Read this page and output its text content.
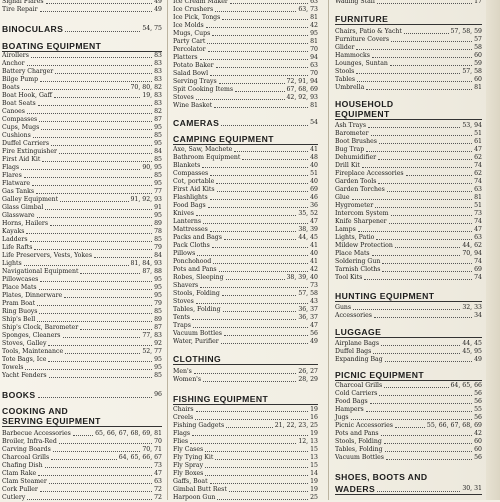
Signal Flares	49
Tire Repair	49
BINOCULARS	54, 75
BOATING EQUIPMENT
Airollers	83
Anchor	83
Battery Charger	83
Bilge Pump	83
Boats	70, 80, 82
Boat Hook, Gaff	19, 83
Boat Seats	83
Canoes	82
Compasses	87
Cups, Mugs	95
Cushions	85
Duffel Carriers	95
Fire Extinguisher	84
First Aid Kit	85
Flags	90, 95
Flares	85
Flatware	95
Gas Tanks	77
Galley Equipment	91, 92, 93
Glass Gimbal	91
Glassware	95
Horns, Hailers	89
Kayaks	78
Ladders	85
Life Rafts	79
Life Preservers, Vests, Yokes	84
Lights	81, 84, 93
Navigational Equipment	87, 88
Pillowcases	95
Place Mats	95
Plates, Dinnerware	95
Pram Boat	79
Ring Buoys	85
Ship's Bell	89
Ship's Clock, Barometer	87
Sponges, Cleaners	77, 83
Stoves, Galley	92
Tools, Maintenance	52, 77
Tote Bags, Ice	95
Towels	95
Yacht Fenders	85
BOOKS	96
COOKING AND
SERVING EQUIPMENT
Barbecue Accessories	65, 66, 67, 68, 69, 81
Broiler, Infra-Red	70
Carving Boards	70, 71
Charcoal Grills	64, 65, 66, 67
Chafing Dish	73
Clam Rake	47
Clam Steamer	63
Cork Puller	72
Cutlery	72
Ice Cream Maker	63
Ice Crushers	63, 73
Ice Pick, Tongs	81
Ice Molds	42
Mugs, Cups	95
Party Cart	81
Percolator	70
Platters	94
Potato Baker	63
Salad Bowl	70
Serving Trays	72, 91, 94
Spit Cooking Items	67, 68, 69
Stoves	42, 92, 93
Wine Basket	81
CAMERAS	54
CAMPING EQUIPMENT
Axe, Saw, Machete	41
Bathroom Equipment	48
Blankets	40
Compasses	51
Cot, portable	40
First Aid Kits	69
Flashlights	46
Food Bags	36
Knives	35, 52
Lanterns	47
Mattresses	38, 39
Packs and Bags	44, 45
Pack Cloths	41
Pillows	40
Ponchohood	41
Pots and Pans	42
Robes, Sleeping	38, 39, 40
Shavers	73
Stools, Folding	57, 58
Stoves	43
Tables, Folding	36, 37
Tents	36, 37
Traps	47
Vacuum Bottles	56
Water, Purifier	49
CLOTHING
Men's	26, 27
Women's	28, 29
FISHING EQUIPMENT
Chairs	19
Creels	16
Fishing Gadgets	21, 22, 23, 25
Flags	19
Flies	12, 13
Fly Cases	15
Fly Tying Kit	13
Fly Spray	15
Fly Boxes	14
Gaffs, Boat	19
Gimbal Butt Rest	19
Harpoon Gun	25
Wading Staff	17
FURNITURE
Chairs, Patio & Yacht	57, 58, 59
Furniture Covers	57
Glider	58
Hammocks	60
Lounges, Suntan	59
Stools	57, 58
Tables	60
Umbrella	81
HOUSEHOLD
EQUIPMENT
Ash Trays	53, 94
Barometer	51
Boot Brushes	61
Bug Trap	47
Dehumidifier	62
Drill Kit	74
Fireplace Accessories	62
Garden Tools	74
Garden Torches	63
Glue	81
Hygrometer	51
Intercom System	73
Knife Sharpener	74
Lamps	47
Lights, Patio	63
Mildew Protection	44, 62
Place Mats	70, 94
Soldering Gun	74
Tarnish Cloths	69
Tool Kits	74
HUNTING EQUIPMENT
Guns	32, 33
Accessories	34
LUGGAGE
Airplane Bags	44, 45
Duffel Bags	45, 95
Expanding Bag	49
PICNIC EQUIPMENT
Charcoal Grills	64, 65, 66
Cold Carriers	56
Food Bags	56
Hampers	55
Jugs	56
Picnic Accessories	55, 66, 67, 68, 69
Pots and Pans	42
Stools, Folding	60
Tables, Folding	60
Vacuum Bottles	56
SHOES, BOOTS AND
WADERS	30, 31
